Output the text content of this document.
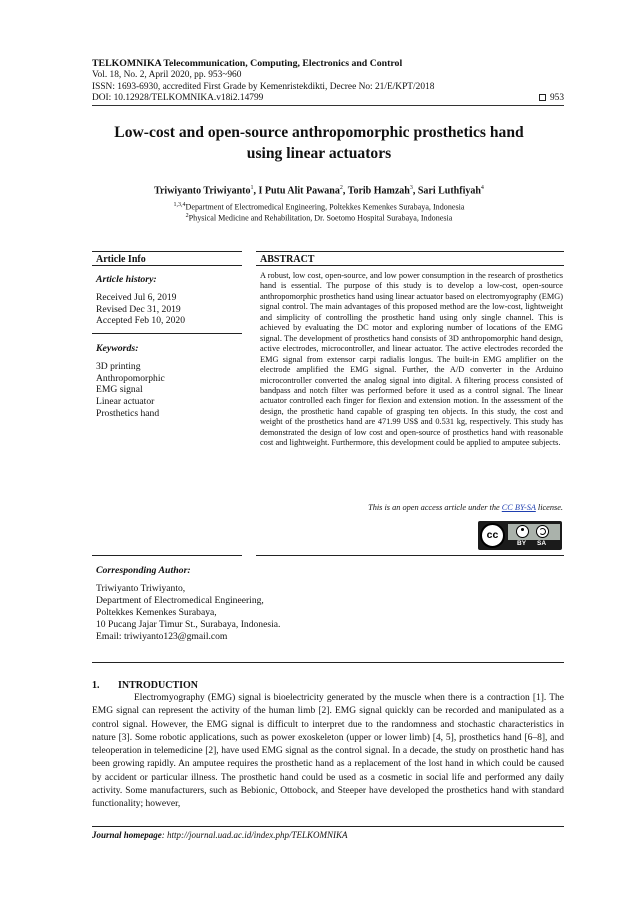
TELKOMNIKA Telecommunication, Computing, Electronics and Control
Vol. 18, No. 2, April 2020, pp. 953~960
ISSN: 1693-6930, accredited First Grade by Kemenristekdikti, Decree No: 21/E/KPT/2018
DOI: 10.12928/TELKOMNIKA.v18i2.14799	953
Low-cost and open-source anthropomorphic prosthetics hand
using linear actuators
Triwiyanto Triwiyanto$^1$, I Putu Alit Pawana$^2$, Torib Hamzah$^3$, Sari Luthfiyah$^4$
$^{1,3,4}$Department of Electromedical Engineering, Poltekkes Kemenkes Surabaya, Indonesia
$^2$Physical Medicine and Rehabilitation, Dr. Soetomo Hospital Surabaya, Indonesia
Article Info
Article history:
Received Jul 6, 2019
Revised Dec 31, 2019
Accepted Feb 10, 2020
Keywords:
3D printing
Anthropomorphic
EMG signal
Linear actuator
Prosthetics hand
ABSTRACT
A robust, low cost, open-source, and low power consumption in the research of prosthetics hand is essential. The purpose of this study is to develop a low-cost, open-source anthropomorphic prosthetics hand using linear actuator based on electromyography (EMG) signal control. The main advantages of this proposed method are the low-cost, lightweight and simplicity of controlling the prosthetic hand using only single channel. This is achieved by evaluating the DC motor and exploring number of locations of the EMG signal. The development of prosthetics hand consists of 3D anthropomorphic hand design, active electrodes, microcontroller, and linear actuator. The active electrodes recorded the EMG signal from extensor carpi radialis longus. The built-in EMG amplifier on the electrode amplified the EMG signal. Further, the A/D converter in the Arduino microcontroller converted the analog signal into digital. A filtering process consisted of bandpass and notch filter was performed before it used as a control signal. The linear actuator controlled each finger for flexion and extension motion. In the assessment of the design, the prosthetic hand capable of grasping ten objects. In this study, the cost and weight of the prosthetics hand are 471.99 US$ and 0.531 kg, respectively. This study has demonstrated the design of low cost and open-source of prosthetics hand with reasonable cost and lightweight. Furthermore, this development could be applied to amputee subjects.
This is an open access article under the CC BY-SA license.
cc
BY SA
Corresponding Author:
Triwiyanto Triwiyanto,
Department of Electromedical Engineering,
Poltekkes Kemenkes Surabaya,
10 Pucang Jajar Timur St., Surabaya, Indonesia.
Email: triwiyanto123@gmail.com
1. INTRODUCTION

Electromyography (EMG) signal is bioelectricity generated by the muscle when there is a contraction [1]. The EMG signal can represent the activity of the human limb [2]. EMG signal quickly can be recorded and manipulated as a control signal. However, the EMG signal is difficult to interpret due to the randomness and stochastic characteristics in nature [3]. Some robotic applications, such as power exoskeleton (upper or lower limb) [4, 5], prosthetics hand [6–8], and teleoperation in telemedicine [2], have used EMG signal as the control signal. In a decade, the study on prosthetic hand has been growing rapidly. An amputee requires the prosthetic hand as a replacement of the lost hand in which could be caused by accident or particular illness. The prosthetic hand could be used as a cosmetic in social life and performed any daily activity. Some manufacturers, such as Bebionic, Ottobock, and Steeper have developed the prosthetics hand with standard functionality; however,

Journal homepage: http://journal.uad.ac.id/index.php/TELKOMNIKA
